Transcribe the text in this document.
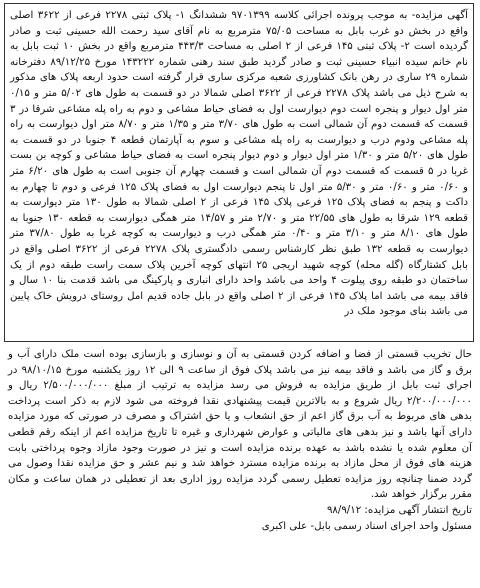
آگهی مزایده- به موجب پرونده اجرائی کلاسه ۹۷۰۱۳۹۹ ششدانگ ۱- پلاک ثبتی ۲۲۷۸ فرعی از ۳۶۲۲ اصلی واقع در بخش دو غرب بابل به مساحت ۷۵/۰۵ مترمربع به نام آقای سید رحمت الله حسینی ثبت و صادر گردیده است ۲- پلاک ثبتی ۱۴۵ فرعی از ۲ اصلی به مساحت ۴۴۳/۳ مترمربع واقع در بخش ۱۰ ثبت بابل به نام خانم سیده انبیاء حسینی ثبت و صادر گردید طبق سند رهنی شماره ۱۴۳۲۲۲ مورخ ۸۹/۱۲/۲۵ دفترخانه شماره ۲۹ ساری در رهن بانک کشاورزی شعبه مرکزی ساری قرار گرفته است حدود اربعه پلاک های مذکور به شرح ذیل می باشد پلاک ۲۲۷۸ فرعی از ۳۶۲۲ اصلی شمالا در دو قسمت به طول های ۵/۰۲ متر و ۰/۱۵ متر اول دیوار و پنجره است دوم دیوارست اول به فضای حیاط مشاعی و دوم به راه پله مشاعی شرقا در ۳ قسمت که قسمت دوم آن شمالی است به طول های ۳/۷۰ متر و ۱/۳۵ متر و ۸/۷۰ متر اول دیوارست به راه پله مشاعی ودوم درب و دیوارست به راه پله مشاعی و سوم به آپارتمان قطعه ۴ جنوبا در دو قسمت به طول های ۵/۲۰ متر و ۱/۳۰ متر اول دیوار و دوم دیوار پنجره است به فضای حیاط مشاعی و کوچه بن بست غربا در ۵ قسمت که قسمت دوم آن شمالی است و قسمت چهارم آن جنوبی است به طول های ۶/۲۰ متر و ۰/۶۰ متر و ۰/۶۰ متر و ۵/۳۰ متر اول تا پنجم دیوارست اول به فضای پلاک ۱۲۵ فرعی و دوم تا چهارم به داکت و پنجم به فضای پلاک ۱۲۵ فرعی پلاک ۱۴۵ فرعی از ۲ اصلی شمالا به طول ۱۳۰ متر دیوارست به قطعه ۱۲۹ شرقا به طول های ۲۲/۵۵ متر و ۲/۷۰ متر و ۱۴/۵۷ متر همگی دیوارست به قطعه ۱۳۰ جنوبا به طول های ۸/۱۰ متر و ۳/۱۰ متر و ۰/۴۰ متر همگی درب و دیوارست به کوچه غربا به طول ۳۷/۸۰ متر دیوارست به قطعه ۱۳۲ طبق نظر کارشناس رسمی دادگستری پلاک ۲۲۷۸ فرعی از ۳۶۲۲ اصلی واقع در بابل کشتارگاه (گله محله) کوچه شهید اریجی ۲۵ انتهای کوچه آخرین پلاک سمت راست طبقه دوم از یک ساختمان دو طبقه روی پیلوت ۴ واحد می باشد واحد دارای انباری و پارکینگ می باشد قدمت بنا ۱۰ سال و فاقد بیمه می باشد اما پلاک ۱۴۵ فرعی از ۲ اصلی واقع در بابل جاده قدیم امل روستای درویش خاک پایین می باشد بنای موجود ملک در

حال تخریب قسمتی از فضا و اضافه کردن قسمتی به آن و نوسازی و بازسازی بوده است ملک دارای آب و برق و گاز می باشد و فاقد بیمه نیز می باشد پلاک فوق از ساعت ۹ الی ۱۲ روز یکشنبه مورخ ۹۸/۱۰/۱۵ در اجرای ثبت بابل از طریق مزایده به فروش می رسد مزایده به ترتیب از مبلغ ۲/۵۰۰/۰۰۰/۰۰۰ ریال و ۲/۲۰۰/۰۰۰/۰۰۰ ریال شروع و به بالاترین قیمت پیشنهادی نقدا فروخته می شود لازم به ذکر است پرداخت بدهی های مربوط به آب برق گاز اعم از حق انشعاب و یا حق اشتراک و مصرف در صورتی که مورد مزایده دارای آنها باشد و نیز بدهی های مالیاتی و عوارض شهرداری و غیره تا تاریخ مزایده اعم از اینکه رقم قطعی آن معلوم شده یا نشده باشد به عهده برنده مزایده است و نیز در صورت وجود مازاد وجوه پرداختی بابت هزینه های فوق از محل مازاد به برنده مزایده مسترد خواهد شد و نیم عشر و حق مزایده نقدا وصول می گردد ضمنا چنانچه روز مزایده تعطیل رسمی گردد مزایده روز اداری بعد از تعطیلی در همان ساعت و مکان مقرر برگزار خواهد شد.

تاریخ انتشار آگهی مزایده: ۹۸/۹/۱۲

مسئول واحد اجرای اسناد رسمی بابل- علی اکبری
